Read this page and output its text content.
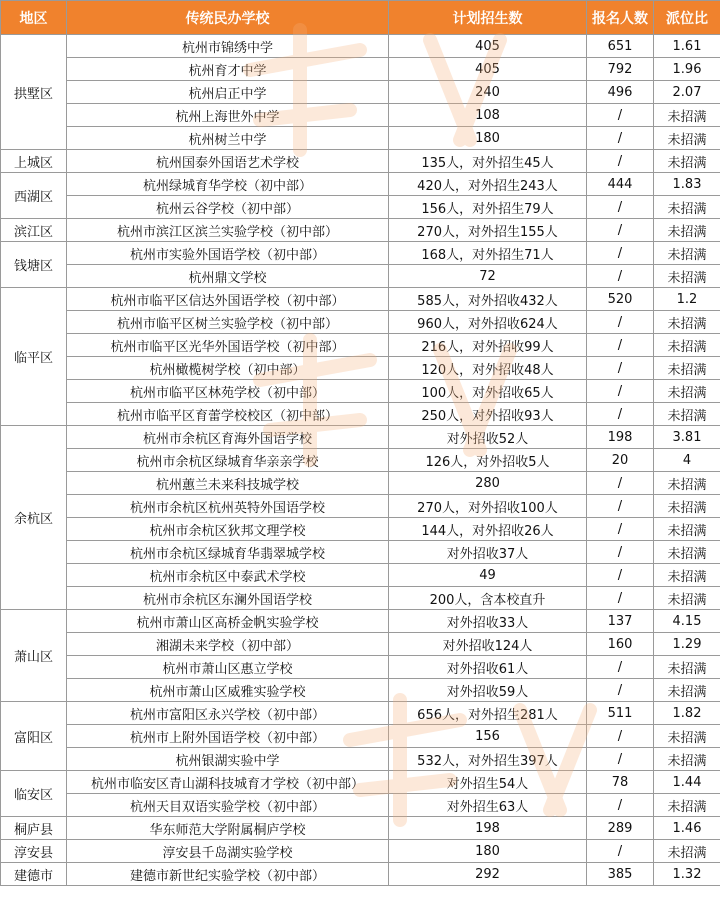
地区	传统民办学校	计划招生数	报名人数	派位比
拱墅区	杭州市锦绣中学	405	651	1.61
	杭州育才中学	405	792	1.96
	杭州启正中学	240	496	2.07
	杭州上海世外中学	108	/	未招满
	杭州树兰中学	180	/	未招满
上城区	杭州国泰外国语艺术学校	135人，对外招生45人	/	未招满
西湖区	杭州绿城育华学校（初中部）	420人，对外招生243人	444	1.83
	杭州云谷学校（初中部）	156人，对外招生79人	/	未招满
滨江区	杭州市滨江区滨兰实验学校（初中部）	270人，对外招生155人	/	未招满
钱塘区	杭州市实验外国语学校（初中部）	168人，对外招生71人	/	未招满
	杭州鼎文学校	72	/	未招满
临平区	杭州市临平区信达外国语学校（初中部）	585人，对外招收432人	520	1.2
	杭州市临平区树兰实验学校（初中部）	960人，对外招收624人	/	未招满
	杭州市临平区光华外国语学校（初中部）	216人，对外招收99人	/	未招满
	杭州橄榄树学校（初中部）	120人，对外招收48人	/	未招满
	杭州市临平区林苑学校（初中部）	100人，对外招收65人	/	未招满
	杭州市临平区育蕾学校校区（初中部）	250人，对外招收93人	/	未招满
余杭区	杭州市余杭区育海外国语学校	对外招收52人	198	3.81
	杭州市余杭区绿城育华亲亲学校	126人，对外招收5人	20	4
	杭州蕙兰未来科技城学校	280	/	未招满
	杭州市余杭区杭州英特外国语学校	270人，对外招收100人	/	未招满
	杭州市余杭区狄邦文理学校	144人，对外招收26人	/	未招满
	杭州市余杭区绿城育华翡翠城学校	对外招收37人	/	未招满
	杭州市余杭区中泰武术学校	49	/	未招满
	杭州市余杭区东澜外国语学校	200人，含本校直升	/	未招满
萧山区	杭州市萧山区高桥金帆实验学校	对外招收33人	137	4.15
	湘湖未来学校（初中部）	对外招收124人	160	1.29
	杭州市萧山区惠立学校	对外招收61人	/	未招满
	杭州市萧山区威雅实验学校	对外招收59人	/	未招满
富阳区	杭州市富阳区永兴学校（初中部）	656人，对外招生281人	511	1.82
	杭州市上附外国语学校（初中部）	156	/	未招满
	杭州银湖实验中学	532人，对外招生397人	/	未招满
临安区	杭州市临安区青山湖科技城育才学校（初中部）	对外招生54人	78	1.44
	杭州天目双语实验学校（初中部）	对外招生63人	/	未招满
桐庐县	华东师范大学附属桐庐学校	198	289	1.46
淳安县	淳安县千岛湖实验学校	180	/	未招满
建德市	建德市新世纪实验学校（初中部）	292	385	1.32
